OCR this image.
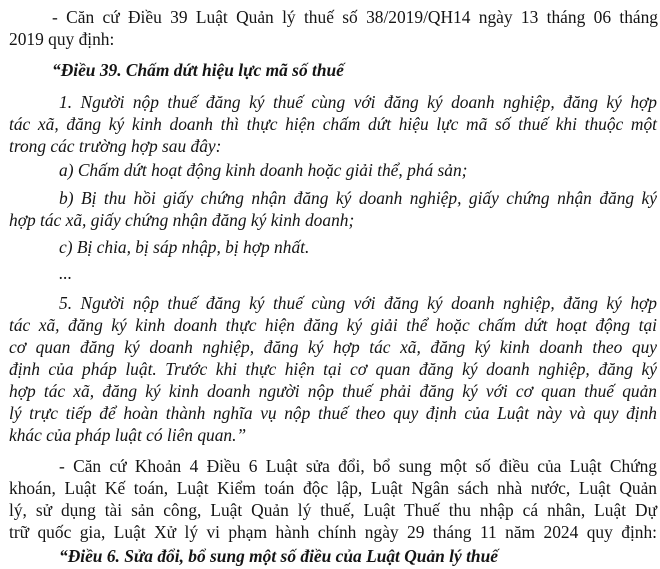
- Căn cứ Điều 39 Luật Quản lý thuế số 38/2019/QH14 ngày 13 tháng 06 tháng
2019 quy định:
“Điều 39. Chấm dứt hiệu lực mã số thuế
1. Người nộp thuế đăng ký thuế cùng với đăng ký doanh nghiệp, đăng ký hợp
tác xã, đăng ký kinh doanh thì thực hiện chấm dứt hiệu lực mã số thuế khi thuộc một
trong các trường hợp sau đây:
a) Chấm dứt hoạt động kinh doanh hoặc giải thể, phá sản;
b) Bị thu hồi giấy chứng nhận đăng ký doanh nghiệp, giấy chứng nhận đăng ký
hợp tác xã, giấy chứng nhận đăng ký kinh doanh;
c) Bị chia, bị sáp nhập, bị hợp nhất.
...
5. Người nộp thuế đăng ký thuế cùng với đăng ký doanh nghiệp, đăng ký hợp
tác xã, đăng ký kinh doanh thực hiện đăng ký giải thể hoặc chấm dứt hoạt động tại
cơ quan đăng ký doanh nghiệp, đăng ký hợp tác xã, đăng ký kinh doanh theo quy
định của pháp luật. Trước khi thực hiện tại cơ quan đăng ký doanh nghiệp, đăng ký
hợp tác xã, đăng ký kinh doanh người nộp thuế phải đăng ký với cơ quan thuế quản
lý trực tiếp để hoàn thành nghĩa vụ nộp thuế theo quy định của Luật này và quy định
khác của pháp luật có liên quan.”
- Căn cứ Khoản 4 Điều 6 Luật sửa đổi, bổ sung một số điều của Luật Chứng
khoán, Luật Kế toán, Luật Kiểm toán độc lập, Luật Ngân sách nhà nước, Luật Quản
lý, sử dụng tài sản công, Luật Quản lý thuế, Luật Thuế thu nhập cá nhân, Luật Dự
trữ quốc gia, Luật Xử lý vi phạm hành chính ngày 29 tháng 11 năm 2024 quy định:
“Điều 6. Sửa đổi, bổ sung một số điều của Luật Quản lý thuế
